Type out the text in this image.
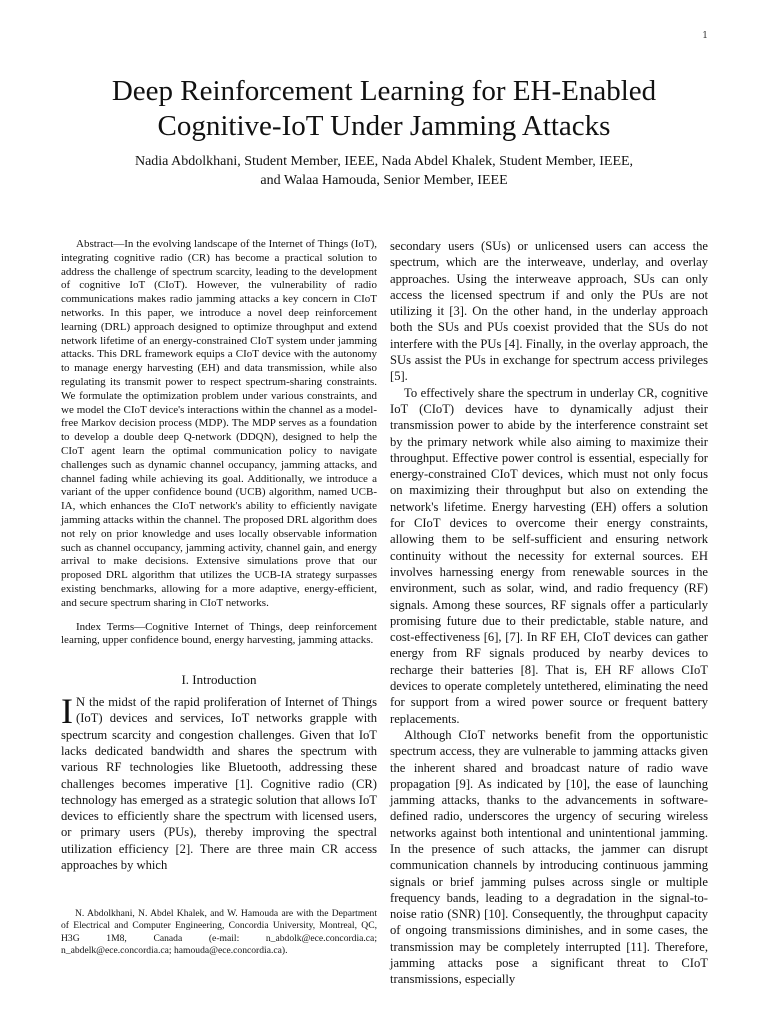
1
Deep Reinforcement Learning for EH-Enabled Cognitive-IoT Under Jamming Attacks
Nadia Abdolkhani, Student Member, IEEE, Nada Abdel Khalek, Student Member, IEEE,
and Walaa Hamouda, Senior Member, IEEE

Abstract—In the evolving landscape of the Internet of Things (IoT), integrating cognitive radio (CR) has become a practical solution to address the challenge of spectrum scarcity, leading to the development of cognitive IoT (CIoT). However, the vulnerability of radio communications makes radio jamming attacks a key concern in CIoT networks. In this paper, we introduce a novel deep reinforcement learning (DRL) approach designed to optimize throughput and extend network lifetime of an energy-constrained CIoT system under jamming attacks. This DRL framework equips a CIoT device with the autonomy to manage energy harvesting (EH) and data transmission, while also regulating its transmit power to respect spectrum-sharing constraints. We formulate the optimization problem under various constraints, and we model the CIoT device's interactions within the channel as a model-free Markov decision process (MDP). The MDP serves as a foundation to develop a double deep Q-network (DDQN), designed to help the CIoT agent learn the optimal communication policy to navigate challenges such as dynamic channel occupancy, jamming attacks, and channel fading while achieving its goal. Additionally, we introduce a variant of the upper confidence bound (UCB) algorithm, named UCB-IA, which enhances the CIoT network's ability to efficiently navigate jamming attacks within the channel. The proposed DRL algorithm does not rely on prior knowledge and uses locally observable information such as channel occupancy, jamming activity, channel gain, and energy arrival to make decisions. Extensive simulations prove that our proposed DRL algorithm that utilizes the UCB-IA strategy surpasses existing benchmarks, allowing for a more adaptive, energy-efficient, and secure spectrum sharing in CIoT networks.

Index Terms—Cognitive Internet of Things, deep reinforcement learning, upper confidence bound, energy harvesting, jamming attacks.

I. Introduction

I N the midst of the rapid proliferation of Internet of Things (IoT) devices and services, IoT networks grapple with spectrum scarcity and congestion challenges. Given that IoT lacks dedicated bandwidth and shares the spectrum with various RF technologies like Bluetooth, addressing these challenges becomes imperative [1]. Cognitive radio (CR) technology has emerged as a strategic solution that allows IoT devices to efficiently share the spectrum with licensed users, or primary users (PUs), thereby improving the spectral utilization efficiency [2]. There are three main CR access approaches by which

N. Abdolkhani, N. Abdel Khalek, and W. Hamouda are with the Department of Electrical and Computer Engineering, Concordia University, Montreal, QC, H3G 1M8, Canada (e-mail: n_abdolk@ece.concordia.ca; n_abdelk@ece.concordia.ca; hamouda@ece.concordia.ca).

secondary users (SUs) or unlicensed users can access the spectrum, which are the interweave, underlay, and overlay approaches. Using the interweave approach, SUs can only access the licensed spectrum if and only the PUs are not utilizing it [3]. On the other hand, in the underlay approach both the SUs and PUs coexist provided that the SUs do not interfere with the PUs [4]. Finally, in the overlay approach, the SUs assist the PUs in exchange for spectrum access privileges [5].

To effectively share the spectrum in underlay CR, cognitive IoT (CIoT) devices have to dynamically adjust their transmission power to abide by the interference constraint set by the primary network while also aiming to maximize their throughput. Effective power control is essential, especially for energy-constrained CIoT devices, which must not only focus on maximizing their throughput but also on extending the network's lifetime. Energy harvesting (EH) offers a solution for CIoT devices to overcome their energy constraints, allowing them to be self-sufficient and ensuring network continuity without the necessity for external sources. EH involves harnessing energy from renewable sources in the environment, such as solar, wind, and radio frequency (RF) signals. Among these sources, RF signals offer a particularly promising future due to their predictable, stable nature, and cost-effectiveness [6], [7]. In RF EH, CIoT devices can gather energy from RF signals produced by nearby devices to recharge their batteries [8]. That is, EH RF allows CIoT devices to operate completely untethered, eliminating the need for support from a wired power source or frequent battery replacements.

Although CIoT networks benefit from the opportunistic spectrum access, they are vulnerable to jamming attacks given the inherent shared and broadcast nature of radio wave propagation [9]. As indicated by [10], the ease of launching jamming attacks, thanks to the advancements in software-defined radio, underscores the urgency of securing wireless networks against both intentional and unintentional jamming. In the presence of such attacks, the jammer can disrupt communication channels by introducing continuous jamming signals or brief jamming pulses across single or multiple frequency bands, leading to a degradation in the signal-to-noise ratio (SNR) [10]. Consequently, the throughput capacity of ongoing transmissions diminishes, and in some cases, the transmission may be completely interrupted [11]. Therefore, jamming attacks pose a significant threat to CIoT transmissions, especially
